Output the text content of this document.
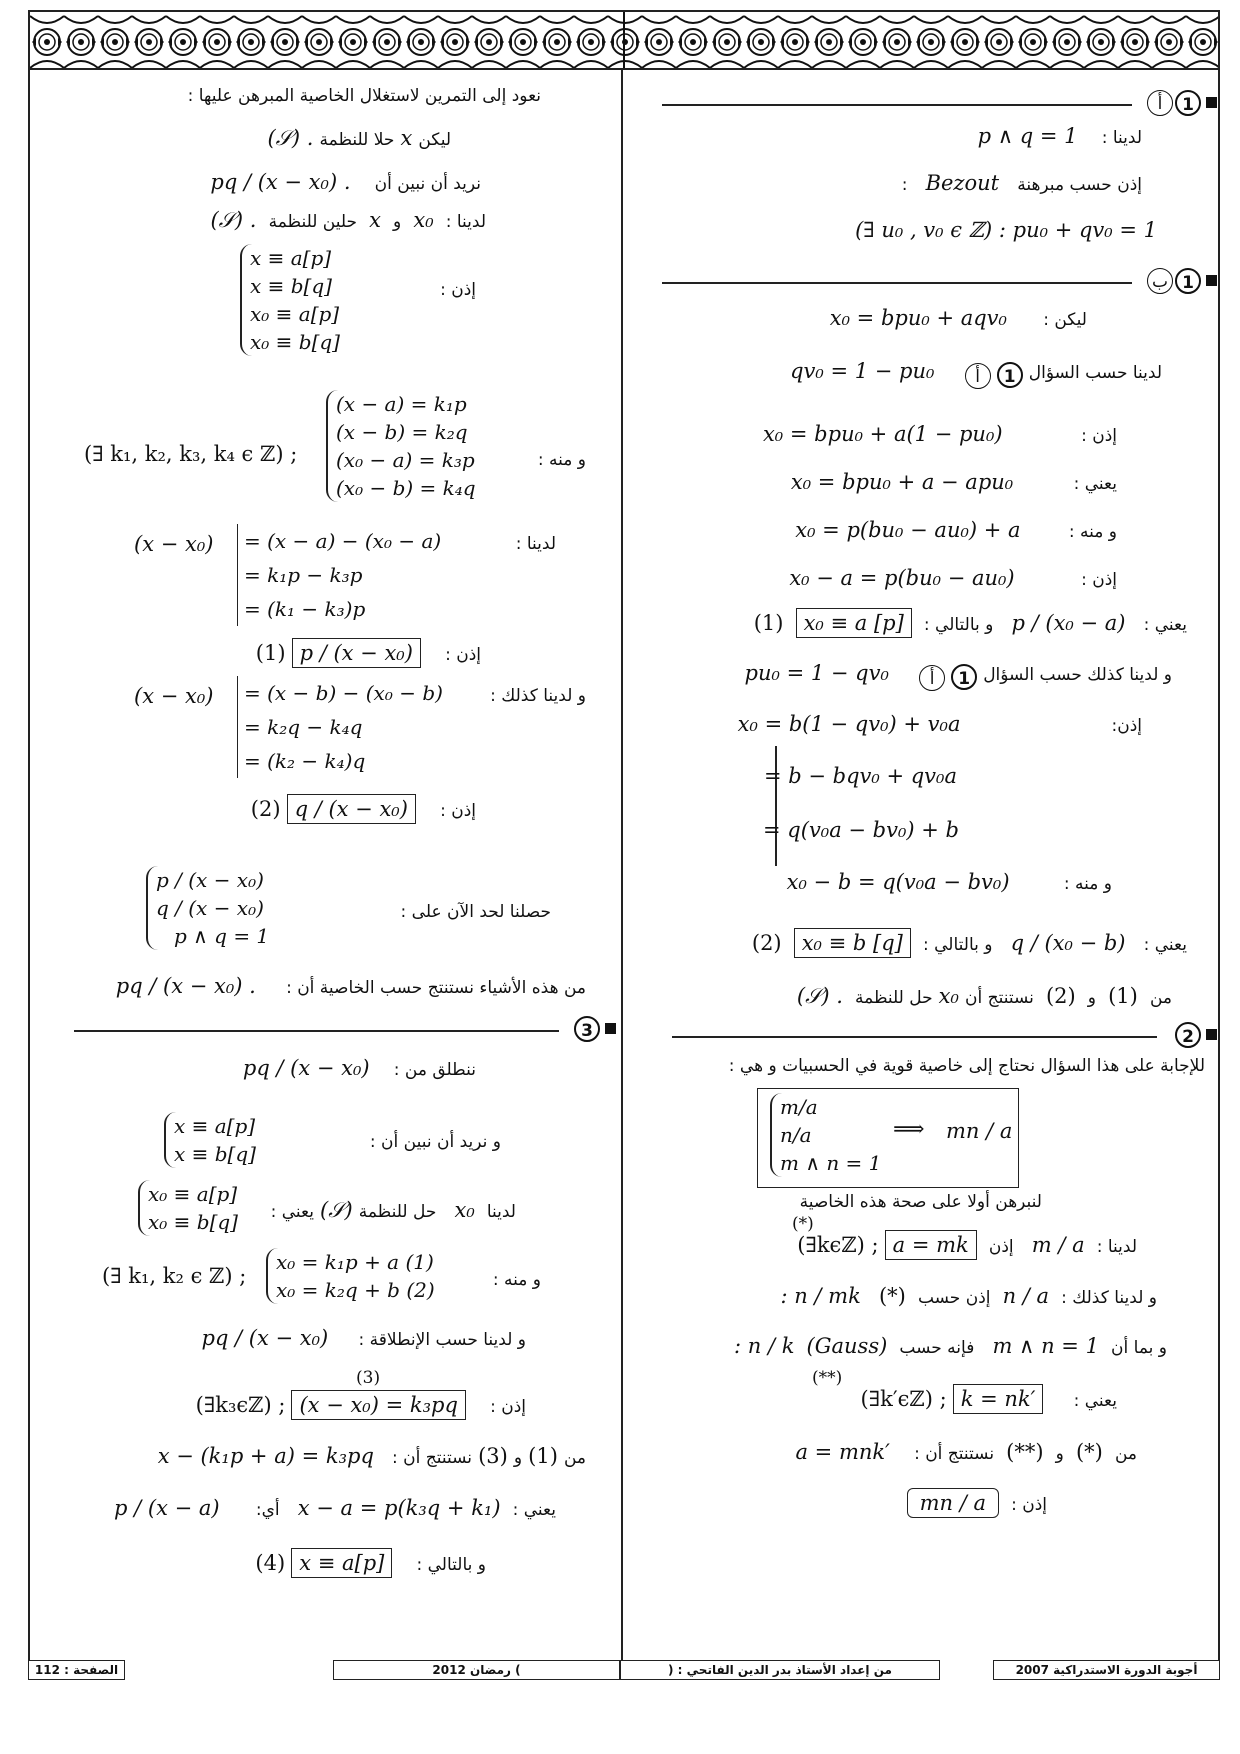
1
أ
لدينا :    p ∧ q = 1
إذن حسب مبرهنة   Bezout   :
(∃ u₀ , v₀ ϵ ℤ) : pu₀ + qv₀ = 1
1
ب
ليكن :      x₀ = bpu₀ + aqv₀
لدينا حسب السؤال 1 أ     qv₀ = 1 − pu₀
إذن :             x₀ = bpu₀ + a(1 − pu₀)
يعني :          x₀ = bpu₀ + a − apu₀
و منه :        x₀ = p(bu₀ − au₀) + a
إذن :           x₀ − a = p(bu₀ − au₀)
يعني :   p / (x₀ − a)   و بالتالي :  x₀ ≡ a [p]  (1)
و لدينا كذلك حسب السؤال 1 أ     pu₀ = 1 − qv₀
إذن:                         x₀ = b(1 − qv₀) + v₀a
= b − bqv₀ + qv₀a
= q(v₀a − bv₀) + b
و منه :         x₀ − b = q(v₀a − bv₀)
يعني :   q / (x₀ − b)   و بالتالي :  x₀ ≡ b [q]  (2)
من  (1)  و  (2)  نستنتج أن x₀ حل للنظمة  (𝒮) .
2
للإجابة على هذا السؤال نحتاج إلى خاصية قوية في الحسبيات و هي :
m/a
n/a
m ∧ n = 1
⟹ mn / a
لنبرهن أولا على صحة هذه الخاصية
(*)
لدينا :  m / a   إذن  a = mk (∃kϵℤ) ;
و لدينا كذلك :  n / a  إذن حسب  (*)   : n / mk
و بما أن  m ∧ n = 1   فإنه حسب  (Gauss)  : n / k
(**)
يعني :     k = nk′ (∃k′ϵℤ) ;
من  (*)  و  (**)  نستنتج أن :    a = mnk′
إذن :  mn / a
نعود إلى التمرين لاستغلال الخاصية المبرهن عليها :
ليكن x حلا للنظمة (𝒮) .
نريد أن نبين أن    pq / (x − x₀) .
لدينا :  x₀  و  x  حلين للنظمة  (𝒮) .
إذن :
x ≡ a[p]
x ≡ b[q]
x₀ ≡ a[p]
x₀ ≡ b[q]
و منه :
(x − a) = k₁p
(x − b) = k₂q
(x₀ − a) = k₃p
(x₀ − b) = k₄q
(∃ k₁, k₂, k₃, k₄ ϵ ℤ) ;
لدينا :
(x − x₀) = (x − a) − (x₀ − a)
= k₁p − k₃p
= (k₁ − k₃)p
إذن :    p / (x − x₀) (1)
و لدينا كذلك :
(x − x₀) = (x − b) − (x₀ − b)
= k₂q − k₄q
= (k₂ − k₄)q
إذن :    q / (x − x₀) (2)
حصلنا لحد الآن على :
p / (x − x₀)
q / (x − x₀)
p ∧ q = 1
من هذه الأشياء نستنتج حسب الخاصية أن :     pq / (x − x₀) .
3
ننطلق من :    pq / (x − x₀)
و نريد أن نبين أن :
x ≡ a[p]
x ≡ b[q]
لدينا  x₀   حل للنظمة (𝒮) يعني :
x₀ ≡ a[p]
x₀ ≡ b[q]
و منه :
x₀ = k₁p + a (1)
x₀ = k₂q + b (2)
(∃ k₁, k₂ ϵ ℤ) ;
و لدينا حسب الإنطلاقة :     pq / (x − x₀)
(3)
إذن :    (x − x₀) = k₃pq (∃k₃ϵℤ) ;
من (1) و (3) نستنتج أن :   x − (k₁p + a) = k₃pq
يعني :  x − a = p(k₃q + k₁)   أي:      p / (x − a)
و بالتالي :    x ≡ a[p] (4)
أجوبة الدورة الاستدراكية 2007
من إعداد الأستاذ بدر الدين الفاتحي : (
) رمضان 2012
الصفحة : 112
